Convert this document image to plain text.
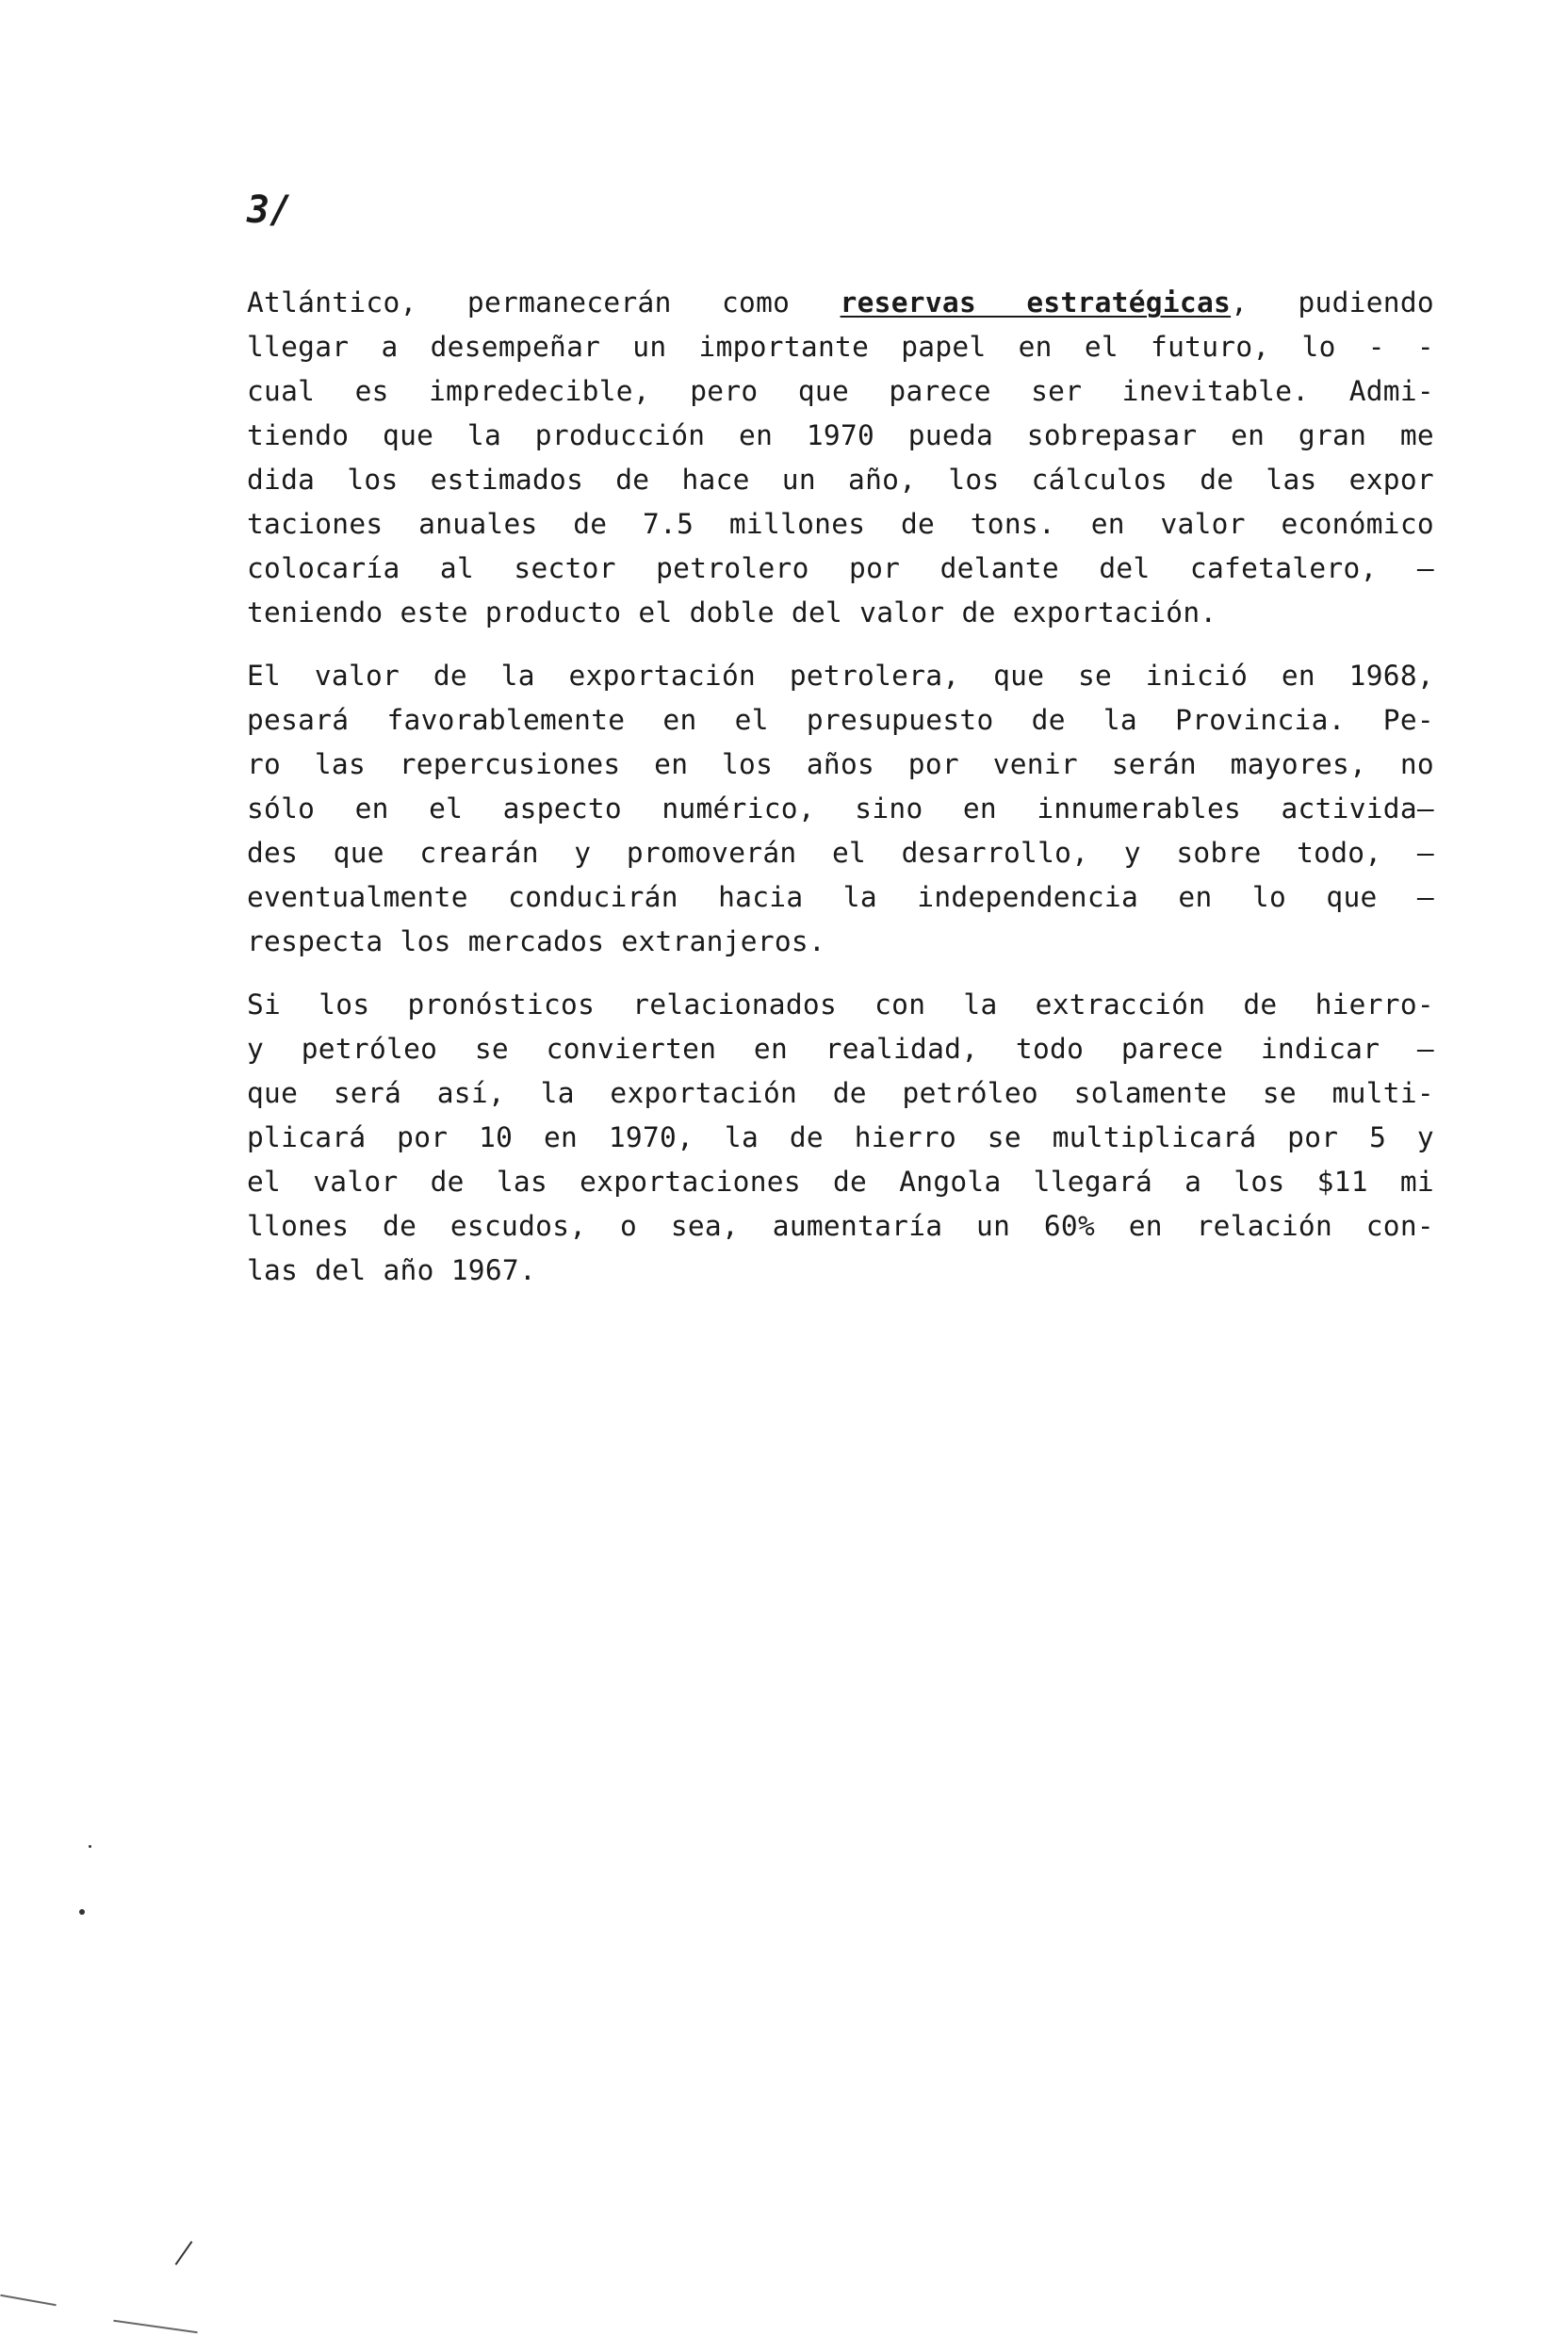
3/
Atlántico, permanecerán como reservas estratégicas, pudiendo
llegar a desempeñar un importante papel en el futuro, lo - -
cual es impredecible, pero que parece ser inevitable. Admi-
tiendo que la producción en 1970 pueda sobrepasar en gran me
dida los estimados de hace un año, los cálculos de las expor
taciones anuales de 7.5 millones de tons. en valor económico
colocaría al sector petrolero por delante del cafetalero, —
teniendo este producto el doble del valor de exportación.
El valor de la exportación petrolera, que se inició en 1968,
pesará favorablemente en el presupuesto de la Provincia. Pe-
ro las repercusiones en los años por venir serán mayores, no
sólo en el aspecto numérico, sino en innumerables activida—
des que crearán y promoverán el desarrollo, y sobre todo, —
eventualmente conducirán hacia la independencia en lo que —
respecta los mercados extranjeros.
Si los pronósticos relacionados con la extracción de hierro-
y petróleo se convierten en realidad, todo parece indicar —
que será así, la exportación de petróleo solamente se multi-
plicará por 10 en 1970, la de hierro se multiplicará por 5 y
el valor de las exportaciones de Angola llegará a los $11 mi
llones de escudos, o sea, aumentaría un 60% en relación con-
las del año 1967.
